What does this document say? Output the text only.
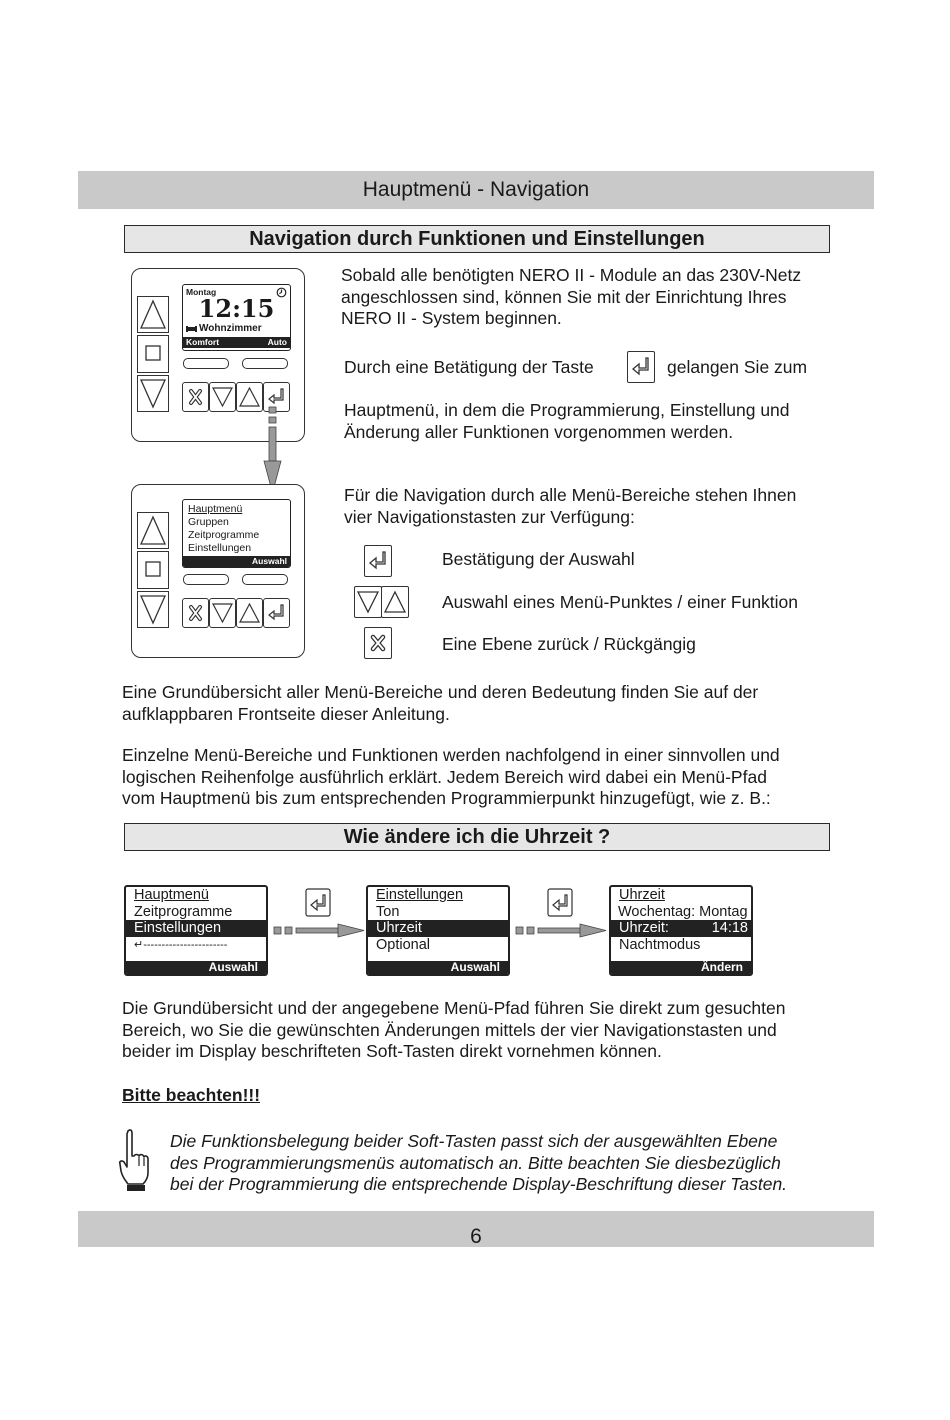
Hauptmenü - Navigation
Navigation durch Funktionen und Einstellungen
Montag
12:15
Wohnzimmer
Komfort	Auto
Hauptmenü
Gruppen
Zeitprogramme
Einstellungen
Auswahl
Sobald alle benötigten NERO II - Module an das 230V-Netz
angeschlossen sind, können Sie mit der Einrichtung Ihres
NERO II - System beginnen.
Durch eine Betätigung der Taste	gelangen Sie zum
Hauptmenü, in dem die Programmierung, Einstellung und
Änderung aller Funktionen vorgenommen werden.
Für die Navigation durch alle Menü-Bereiche stehen Ihnen
vier Navigationstasten zur Verfügung:
Bestätigung der Auswahl
Auswahl eines Menü-Punktes / einer Funktion
Eine Ebene zurück / Rückgängig
Eine Grundübersicht aller Menü-Bereiche und deren Bedeutung finden Sie auf der
aufklappbaren Frontseite dieser Anleitung.
Einzelne Menü-Bereiche und Funktionen werden nachfolgend in einer sinnvollen und
logischen Reihenfolge ausführlich erklärt. Jedem Bereich wird dabei ein Menü-Pfad
vom Hauptmenü bis zum entsprechenden Programmierpunkt hinzugefügt, wie z. B.:
Wie ändere ich die Uhrzeit ?
Hauptmenü
Zeitprogramme
Einstellungen
↵-----------------------
Auswahl
Einstellungen
Ton
Uhrzeit
Optional
Auswahl
Uhrzeit
Wochentag: Montag
Uhrzeit:	14:18
Nachtmodus
Ändern
Die Grundübersicht und der angegebene Menü-Pfad führen Sie direkt zum gesuchten
Bereich, wo Sie die gewünschten Änderungen mittels der vier Navigationstasten und
beider im Display beschrifteten Soft-Tasten direkt vornehmen können.
Bitte beachten!!!
Die Funktionsbelegung beider Soft-Tasten passt sich der ausgewählten Ebene
des Programmierungsmenüs automatisch an. Bitte beachten Sie diesbezüglich
bei der Programmierung die entsprechende Display-Beschriftung dieser Tasten.
6
